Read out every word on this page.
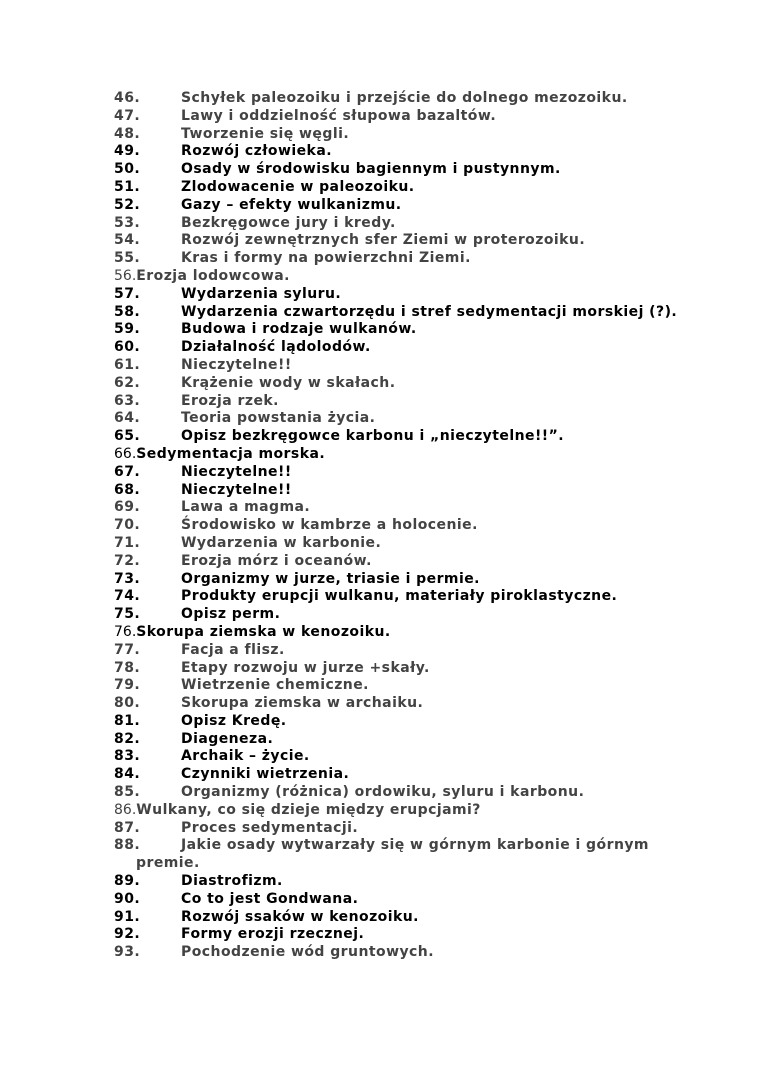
46.	Schyłek paleozoiku i przejście do dolnego mezozoiku.
47.	Lawy i oddzielność słupowa bazaltów.
48.	Tworzenie się węgli.
49.	Rozwój człowieka.
50.	Osady w środowisku bagiennym i pustynnym.
51.	Zlodowacenie w paleozoiku.
52.	Gazy – efekty wulkanizmu.
53.	Bezkręgowce jury i kredy.
54.	Rozwój zewnętrznych sfer Ziemi w proterozoiku.
55.	Kras i formy na powierzchni Ziemi.
56.Erozja lodowcowa.
57.	Wydarzenia syluru.
58.	Wydarzenia czwartorzędu i stref sedymentacji morskiej (?).
59.	Budowa i rodzaje wulkanów.
60.	Działalność lądolodów.
61.	Nieczytelne!!
62.	Krążenie wody w skałach.
63.	Erozja rzek.
64.	Teoria powstania życia.
65.	Opisz bezkręgowce karbonu i „nieczytelne!!”.
66.Sedymentacja morska.
67.	Nieczytelne!!
68.	Nieczytelne!!
69.	Lawa a magma.
70.	Środowisko w kambrze a holocenie.
71.	Wydarzenia w karbonie.
72.	Erozja mórz i oceanów.
73.	Organizmy w jurze, triasie i permie.
74.	Produkty erupcji wulkanu, materiały piroklastyczne.
75.	Opisz perm.
76.Skorupa ziemska w kenozoiku.
77.	Facja a flisz.
78.	Etapy rozwoju w jurze +skały.
79.	Wietrzenie chemiczne.
80.	Skorupa ziemska w archaiku.
81.	Opisz Kredę.
82.	Diageneza.
83.	Archaik – życie.
84.	Czynniki wietrzenia.
85.	Organizmy (różnica) ordowiku, syluru i karbonu.
86.Wulkany, co się dzieje między erupcjami?
87.	Proces sedymentacji.
88.	Jakie osady wytwarzały się w górnym karbonie i górnym premie.
89.	Diastrofizm.
90.	Co to jest Gondwana.
91.	Rozwój ssaków w kenozoiku.
92.	Formy erozji rzecznej.
93.	Pochodzenie wód gruntowych.
